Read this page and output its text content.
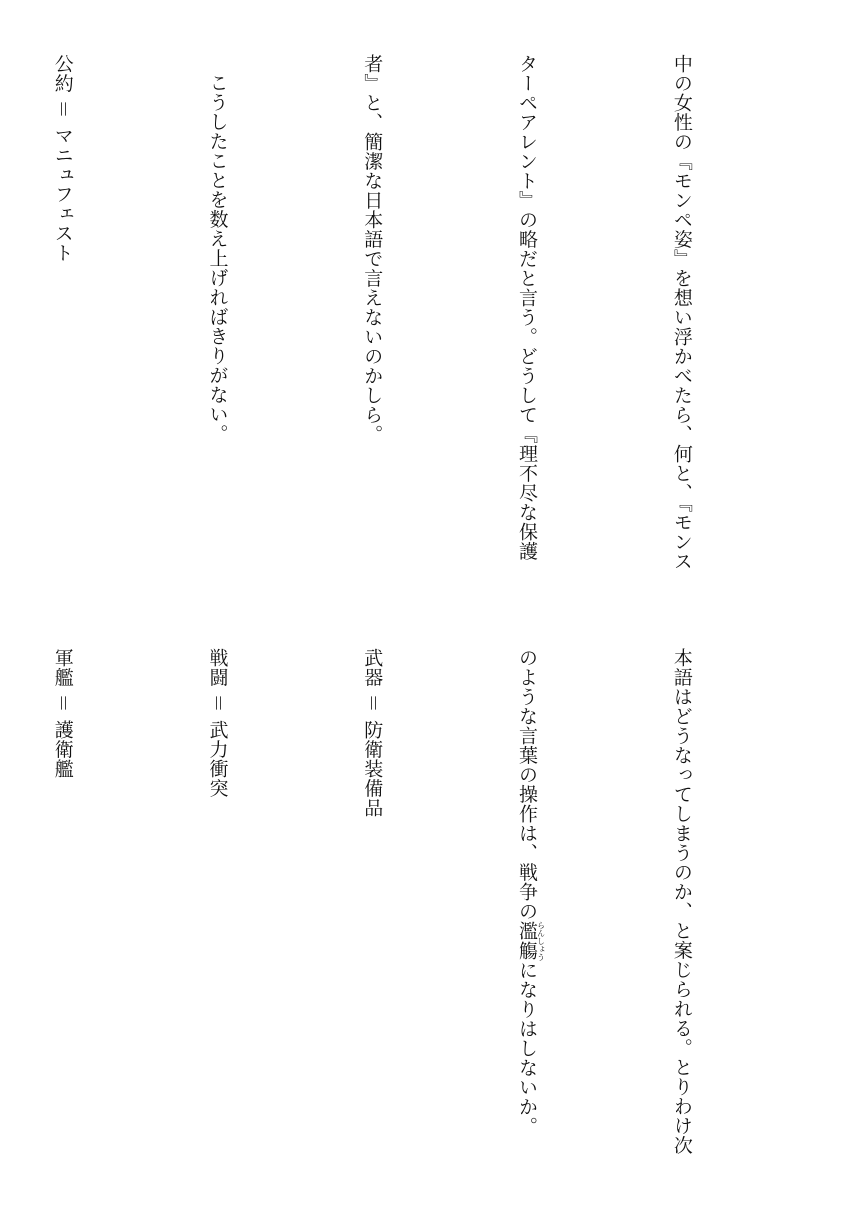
中の女性の『モンペ姿』を想い浮かべたら、何と、『モンス

ターペアレント』の略だと言う。どうして『理不尽な保護

者』と、簡潔な日本語で言えないのかしら。

こうしたことを数え上げればきりがない。

公約 ＝ マニュフェスト

本語はどうなってしまうのか、と案じられる。とりわけ次

のような言葉の操作は、戦争の濫觴らんしょうになりはしないか。

武器 ＝ 防衛装備品

戦闘 ＝ 武力衝突

軍艦 ＝ 護衛艦
